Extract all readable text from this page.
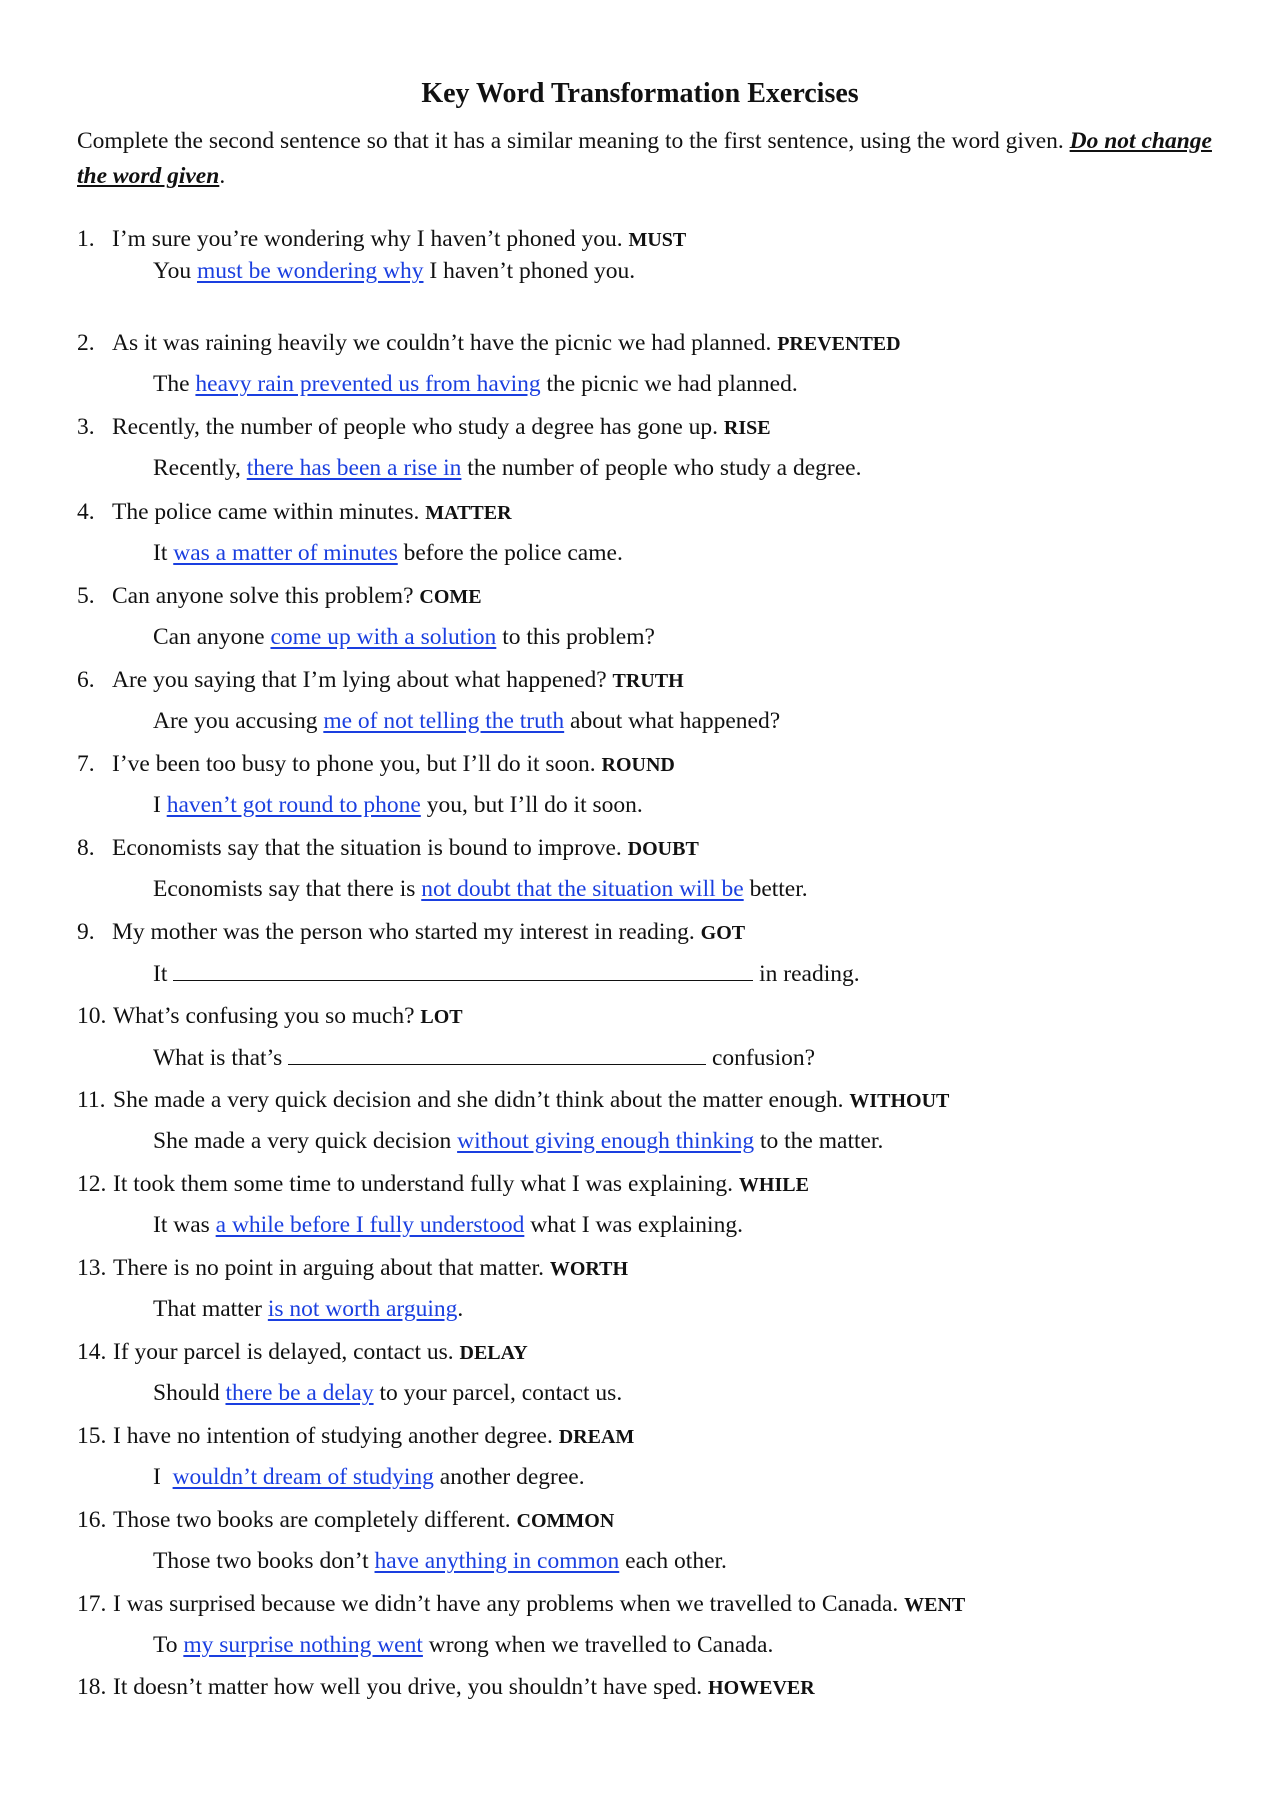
Key Word Transformation Exercises
Complete the second sentence so that it has a similar meaning to the first sentence, using the word given. Do not change the word given.
1. I’m sure you’re wondering why I haven’t phoned you. MUST
You must be wondering why I haven’t phoned you.
2. As it was raining heavily we couldn’t have the picnic we had planned. PREVENTED
The heavy rain prevented us from having the picnic we had planned.
3. Recently, the number of people who study a degree has gone up. RISE
Recently, there has been a rise in the number of people who study a degree.
4. The police came within minutes. MATTER
It was a matter of minutes before the police came.
5. Can anyone solve this problem? COME
Can anyone come up with a solution to this problem?
6. Are you saying that I’m lying about what happened? TRUTH
Are you accusing me of not telling the truth about what happened?
7. I’ve been too busy to phone you, but I’ll do it soon. ROUND
I haven’t got round to phone you, but I’ll do it soon.
8. Economists say that the situation is bound to improve. DOUBT
Economists say that there is not doubt that the situation will be better.
9. My mother was the person who started my interest in reading. GOT
It	in reading.
10. What’s confusing you so much? LOT
What is that’s	confusion?
11. She made a very quick decision and she didn’t think about the matter enough. WITHOUT
She made a very quick decision without giving enough thinking to the matter.
12. It took them some time to understand fully what I was explaining. WHILE
It was a while before I fully understood what I was explaining.
13. There is no point in arguing about that matter. WORTH
That matter is not worth arguing.
14. If your parcel is delayed, contact us. DELAY
Should there be a delay to your parcel, contact us.
15. I have no intention of studying another degree. DREAM
I  wouldn’t dream of studying another degree.
16. Those two books are completely different. COMMON
Those two books don’t have anything in common each other.
17. I was surprised because we didn’t have any problems when we travelled to Canada. WENT
To my surprise nothing went wrong when we travelled to Canada.
18. It doesn’t matter how well you drive, you shouldn’t have sped. HOWEVER
